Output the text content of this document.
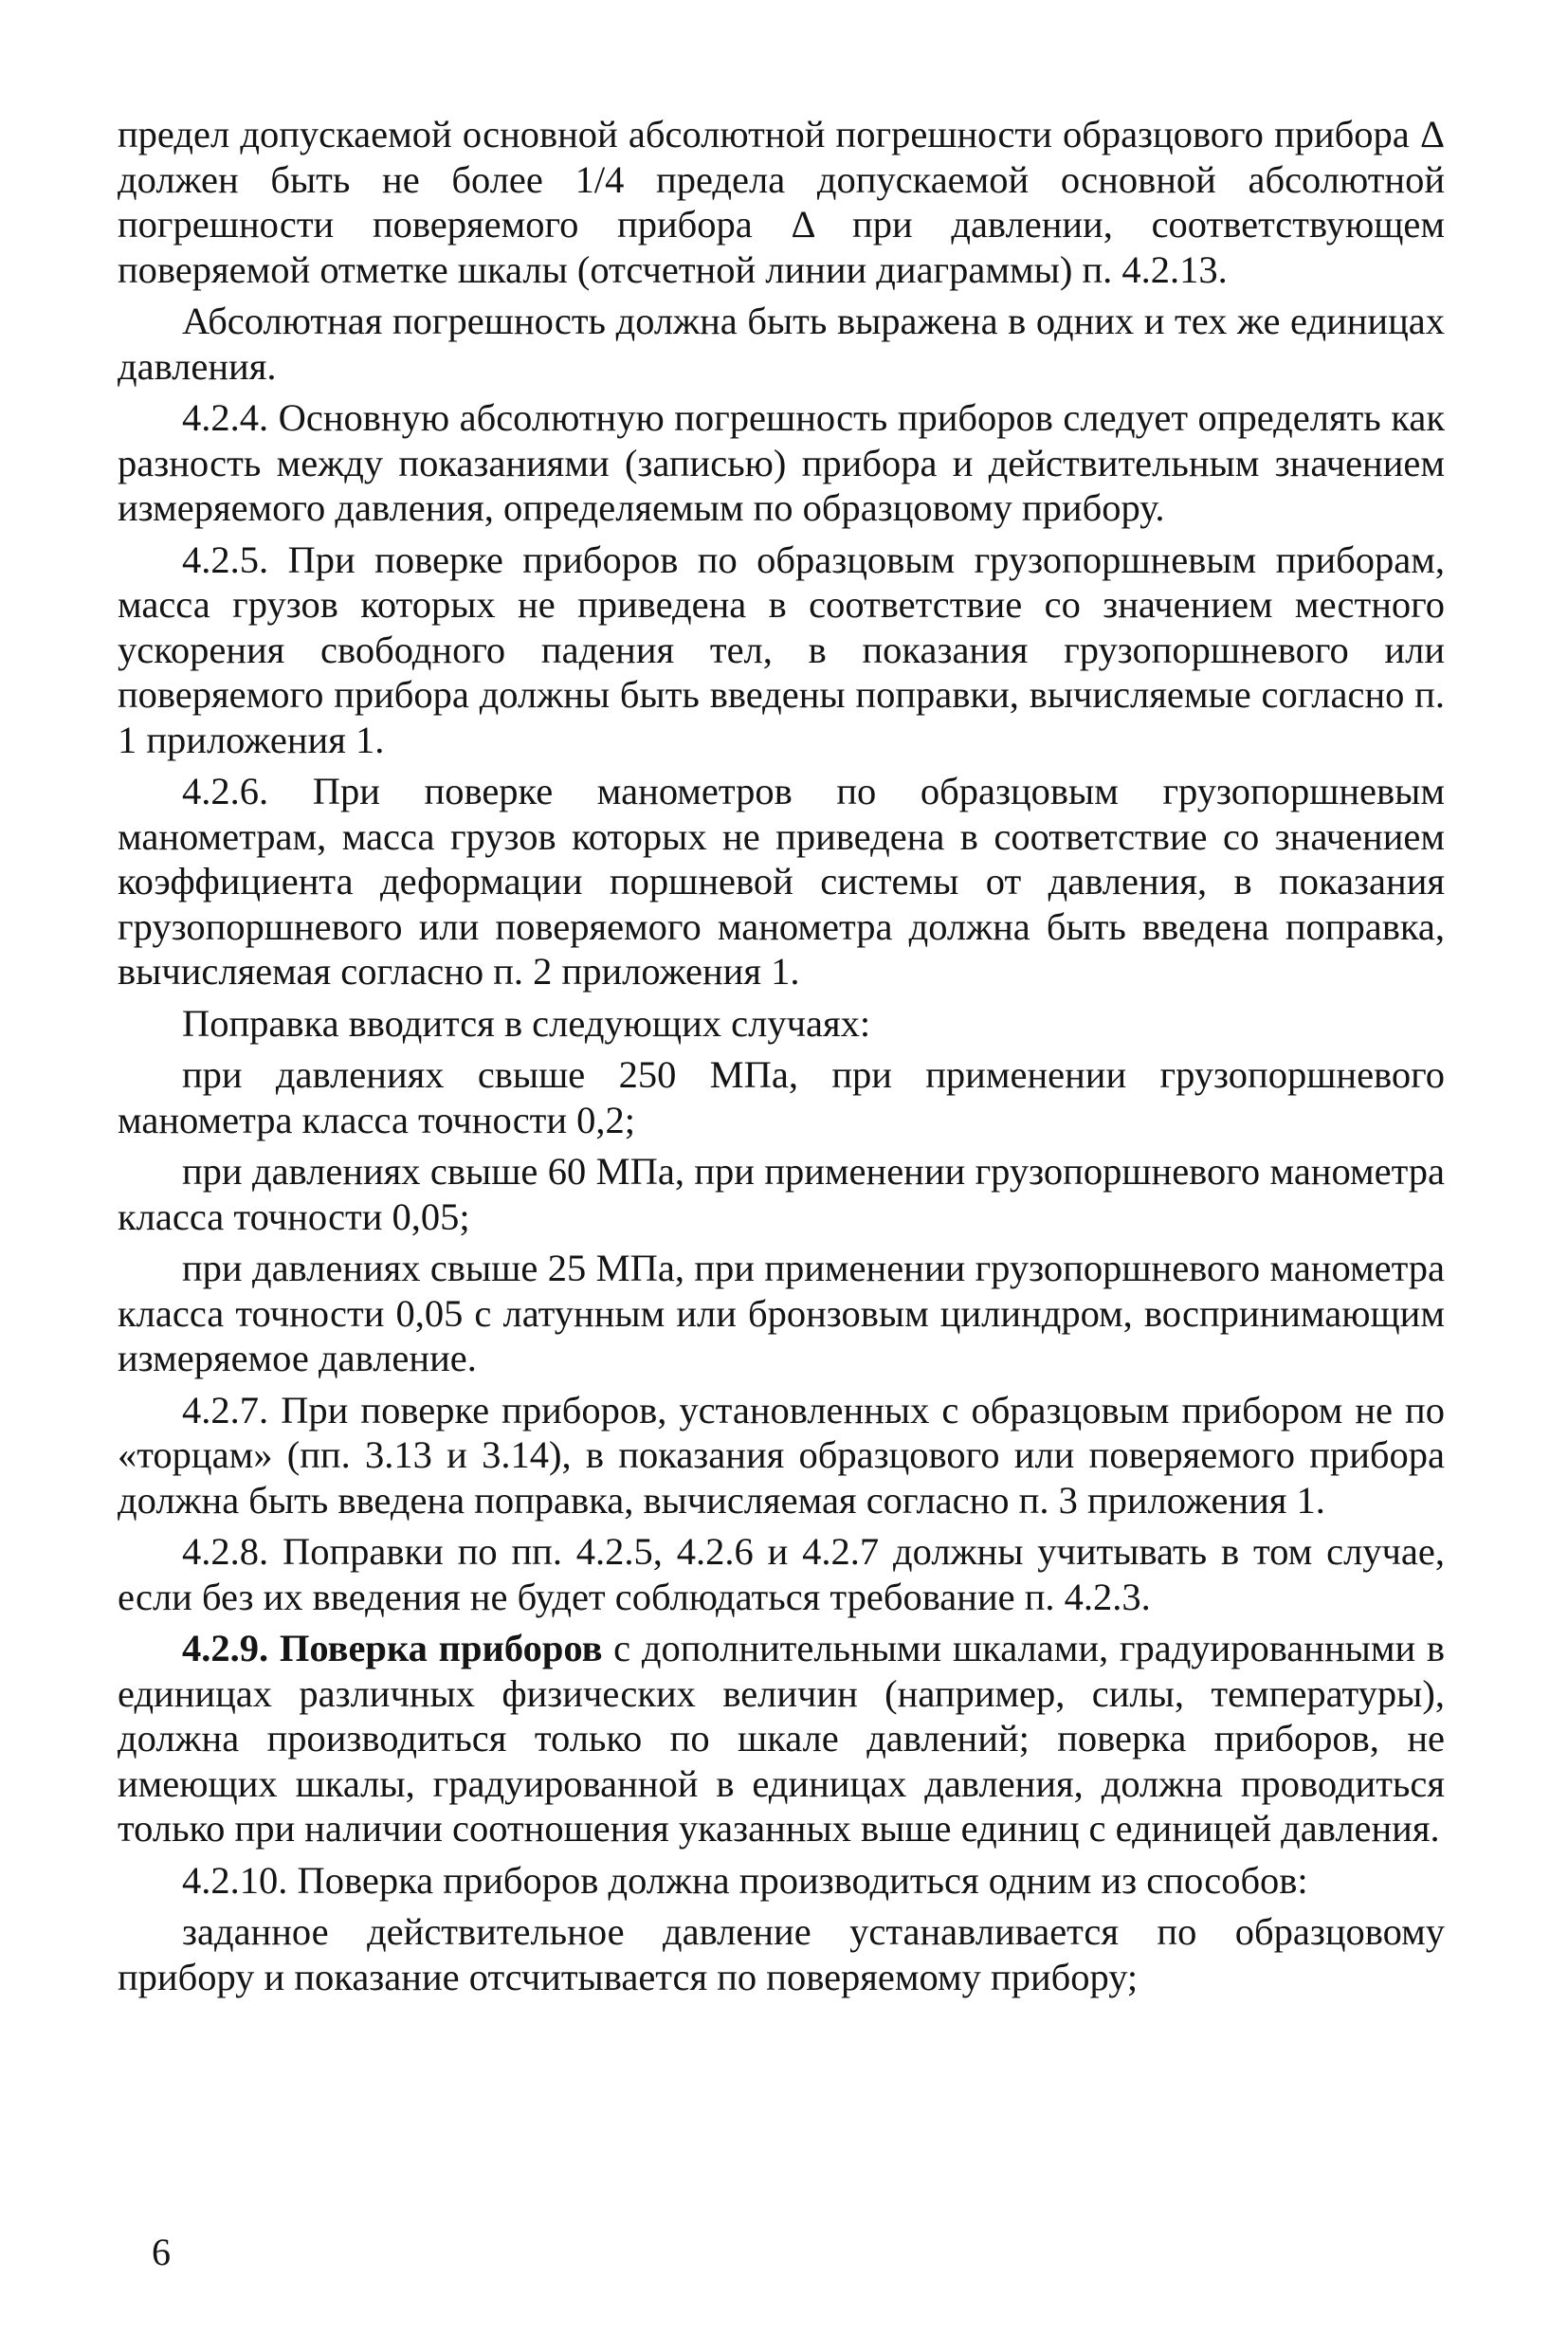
предел допускаемой основной абсолютной погрешности образцового прибора Δ должен быть не более 1/4 предела допускаемой основной абсолютной погрешности поверяемого прибора Δ при давлении, соответствующем поверяемой отметке шкалы (отсчетной линии диаграммы) п. 4.2.13.

Абсолютная погрешность должна быть выражена в одних и тех же единицах давления.

4.2.4. Основную абсолютную погрешность приборов следует определять как разность между показаниями (записью) прибора и действительным значением измеряемого давления, определяемым по образцовому прибору.

4.2.5. При поверке приборов по образцовым грузопоршневым приборам, масса грузов которых не приведена в соответствие со значением местного ускорения свободного падения тел, в показания грузопоршневого или поверяемого прибора должны быть введены поправки, вычисляемые согласно п. 1 приложения 1.

4.2.6. При поверке манометров по образцовым грузопоршневым манометрам, масса грузов которых не приведена в соответствие со значением коэффициента деформации поршневой системы от давления, в показания грузопоршневого или поверяемого манометра должна быть введена поправка, вычисляемая согласно п. 2 приложения 1.

Поправка вводится в следующих случаях:

при давлениях свыше 250 МПа, при применении грузопоршневого манометра класса точности 0,2;

при давлениях свыше 60 МПа, при применении грузопоршневого манометра класса точности 0,05;

при давлениях свыше 25 МПа, при применении грузопоршневого манометра класса точности 0,05 с латунным или бронзовым цилиндром, воспринимающим измеряемое давление.

4.2.7. При поверке приборов, установленных с образцовым прибором не по «торцам» (пп. 3.13 и 3.14), в показания образцового или поверяемого прибора должна быть введена поправка, вычисляемая согласно п. 3 приложения 1.

4.2.8. Поправки по пп. 4.2.5, 4.2.6 и 4.2.7 должны учитывать в том случае, если без их введения не будет соблюдаться требование п. 4.2.3.

4.2.9. Поверка приборов с дополнительными шкалами, градуированными в единицах различных физических величин (например, силы, температуры), должна производиться только по шкале давлений; поверка приборов, не имеющих шкалы, градуированной в единицах давления, должна проводиться только при наличии соотношения указанных выше единиц с единицей давления.

4.2.10. Поверка приборов должна производиться одним из способов:

заданное действительное давление устанавливается по образцовому прибору и показание отсчитывается по поверяемому прибору;

6
